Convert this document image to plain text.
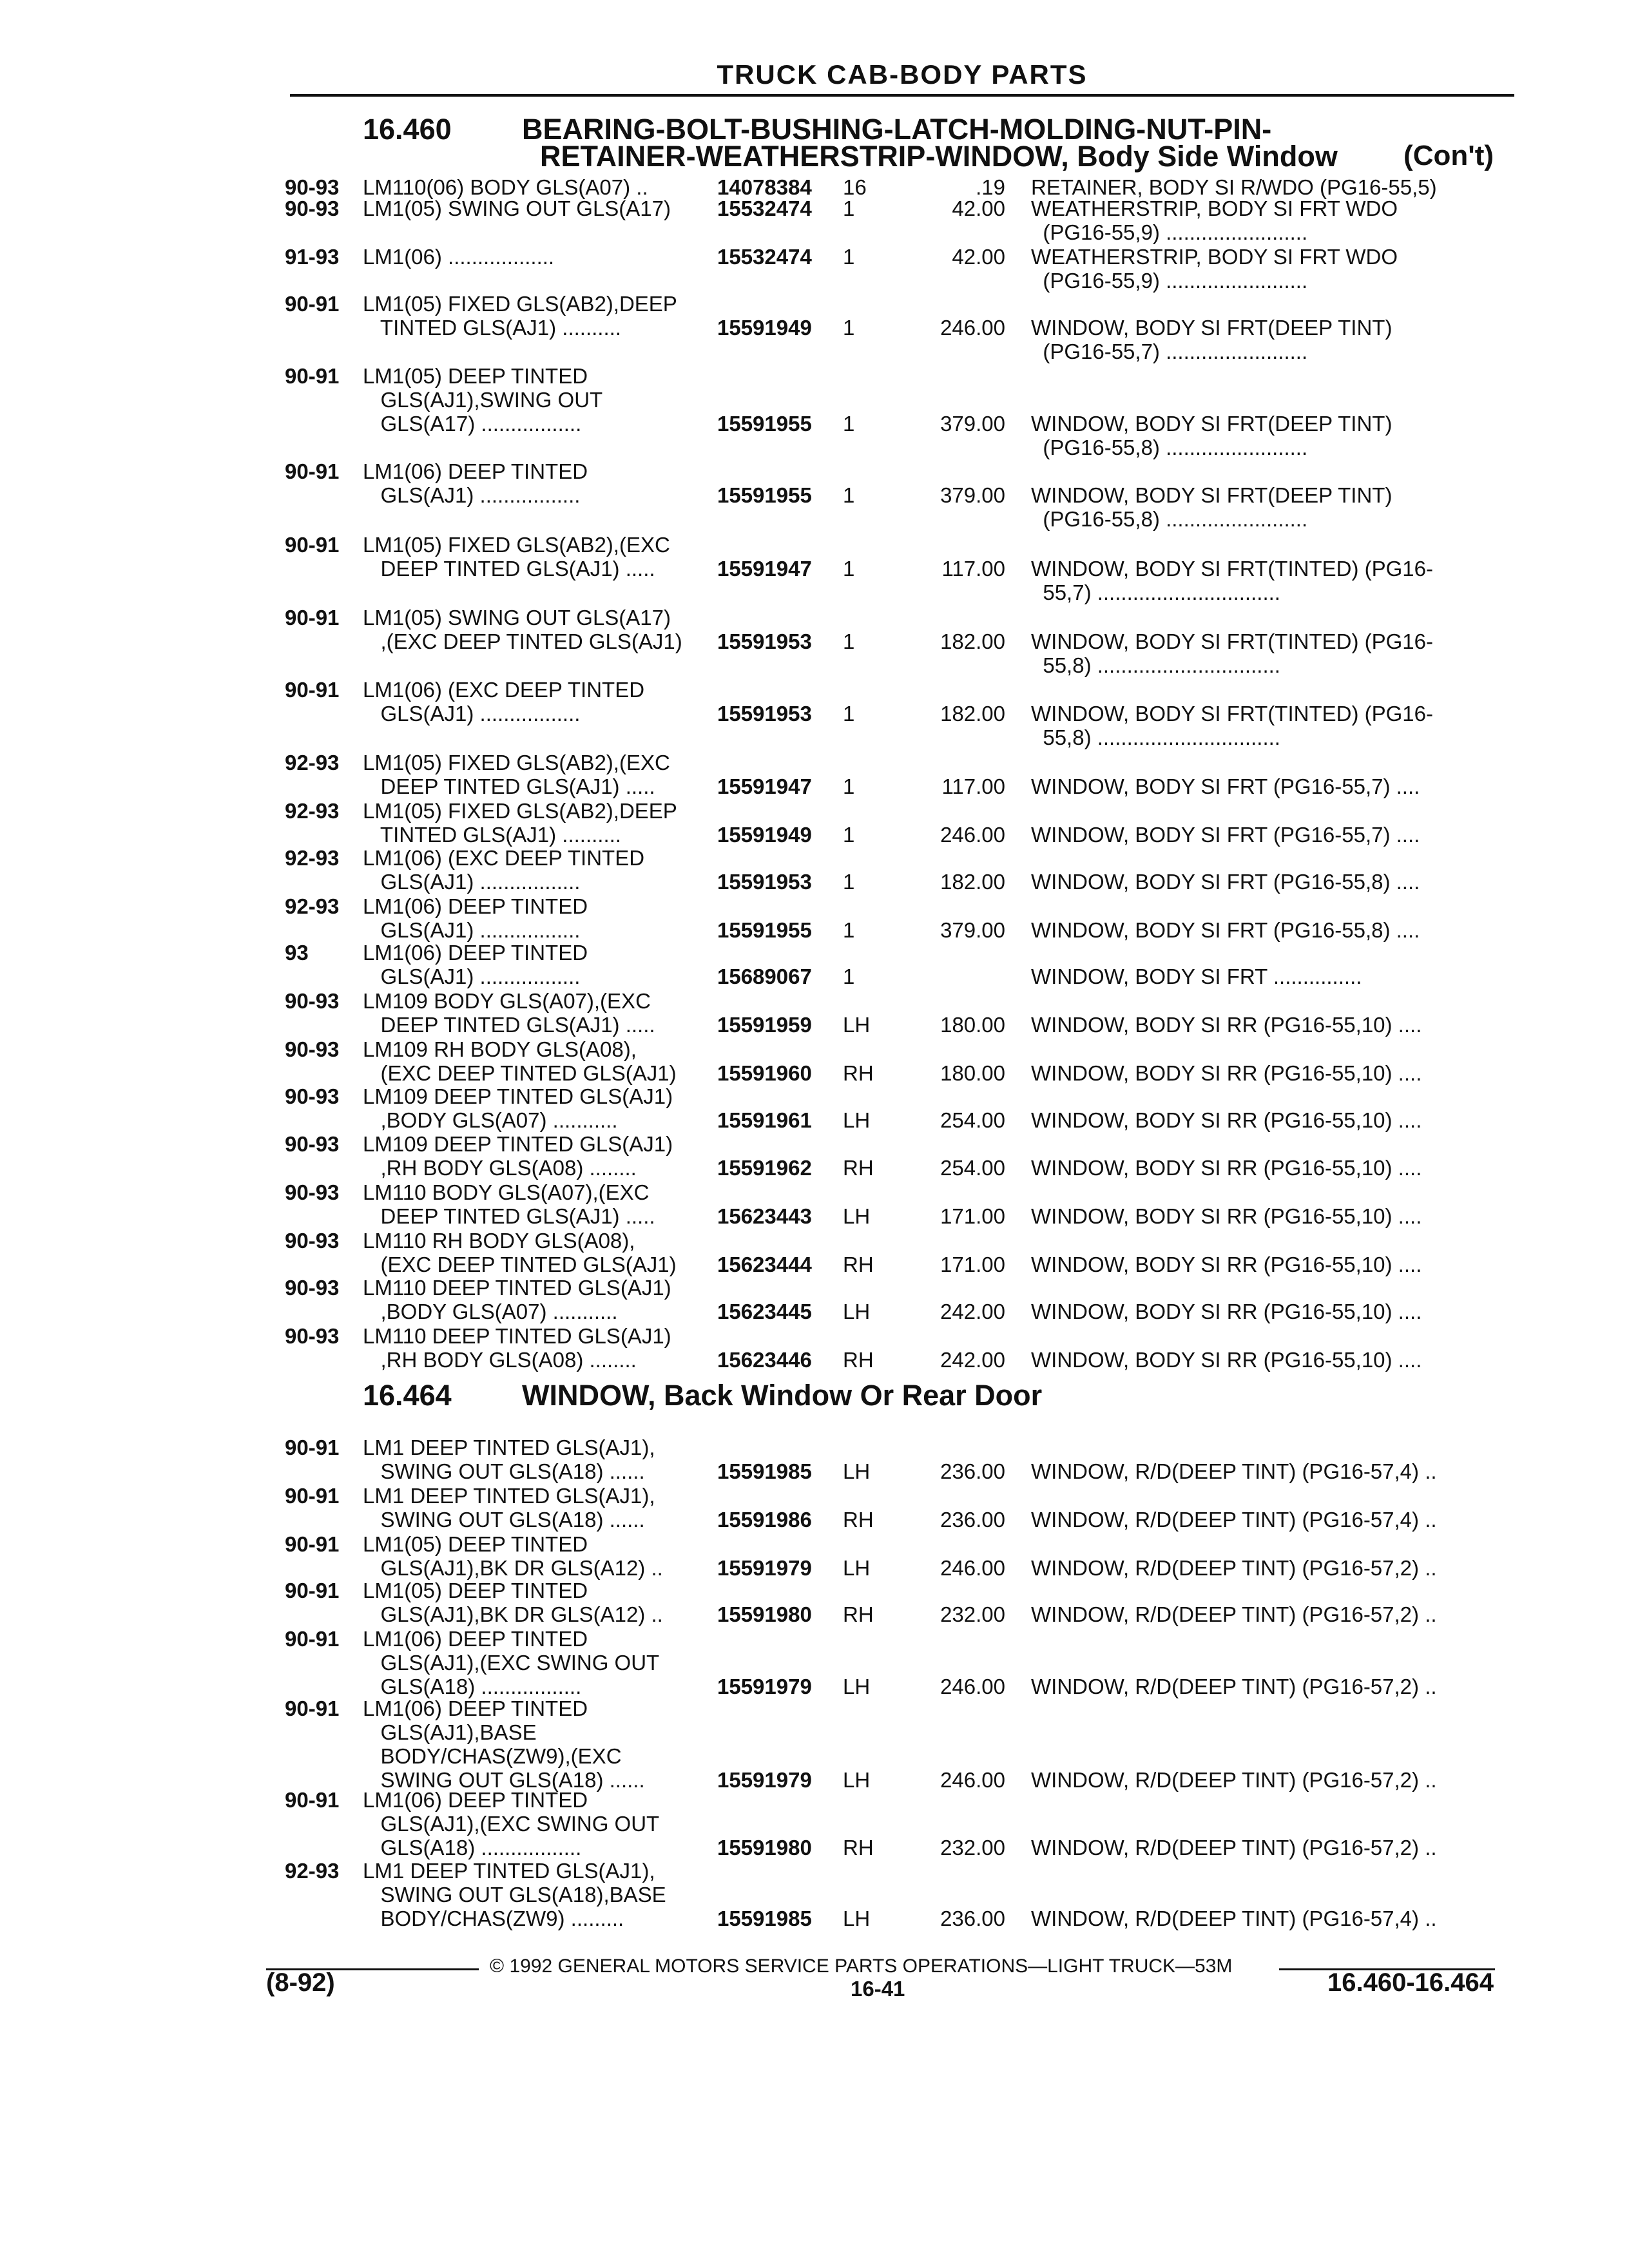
TRUCK CAB-BODY PARTS
16.460 BEARING-BOLT-BUSHING-LATCH-MOLDING-NUT-PIN-
RETAINER-WEATHERSTRIP-WINDOW, Body Side Window (Con't)
90-93 LM110(06) BODY GLS(A07) ..	14078384 16	.19 RETAINER, BODY SI R/WDO (PG16-55,5)
90-93 LM1(05) SWING OUT GLS(A17) 15532474 1	42.00 WEATHERSTRIP, BODY SI FRT WDO
(PG16-55,9) ........................
91-93 LM1(06) ..................	15532474 1	42.00 WEATHERSTRIP, BODY SI FRT WDO
(PG16-55,9) ........................
90-91 LM1(05) FIXED GLS(AB2),DEEP
TINTED GLS(AJ1) ..........	15591949 1	246.00 WINDOW, BODY SI FRT(DEEP TINT)
(PG16-55,7) ........................
90-91 LM1(05) DEEP TINTED
GLS(AJ1),SWING OUT
GLS(A17) .................	15591955 1	379.00 WINDOW, BODY SI FRT(DEEP TINT)
(PG16-55,8) ........................
90-91 LM1(06) DEEP TINTED
GLS(AJ1) .................	15591955 1	379.00 WINDOW, BODY SI FRT(DEEP TINT)
(PG16-55,8) ........................
90-91 LM1(05) FIXED GLS(AB2),(EXC
DEEP TINTED GLS(AJ1) .....	15591947 1	117.00 WINDOW, BODY SI FRT(TINTED) (PG16-
55,7) ...............................
90-91 LM1(05) SWING OUT GLS(A17)
,(EXC DEEP TINTED GLS(AJ1) 15591953 1	182.00 WINDOW, BODY SI FRT(TINTED) (PG16-
55,8) ...............................
90-91 LM1(06) (EXC DEEP TINTED
GLS(AJ1) .................	15591953 1	182.00 WINDOW, BODY SI FRT(TINTED) (PG16-
55,8) ...............................
92-93 LM1(05) FIXED GLS(AB2),(EXC
DEEP TINTED GLS(AJ1) .....	15591947 1	117.00 WINDOW, BODY SI FRT (PG16-55,7) ....
92-93 LM1(05) FIXED GLS(AB2),DEEP
TINTED GLS(AJ1) ..........	15591949 1	246.00 WINDOW, BODY SI FRT (PG16-55,7) ....
92-93 LM1(06) (EXC DEEP TINTED
GLS(AJ1) .................	15591953 1	182.00 WINDOW, BODY SI FRT (PG16-55,8) ....
92-93 LM1(06) DEEP TINTED
GLS(AJ1) .................	15591955 1	379.00 WINDOW, BODY SI FRT (PG16-55,8) ....
93	LM1(06) DEEP TINTED
GLS(AJ1) .................	15689067 1	WINDOW, BODY SI FRT ...............
90-93 LM109 BODY GLS(A07),(EXC
DEEP TINTED GLS(AJ1) .....	15591959 LH	180.00 WINDOW, BODY SI RR (PG16-55,10) ....
90-93 LM109 RH BODY GLS(A08),
(EXC DEEP TINTED GLS(AJ1) 15591960 RH	180.00 WINDOW, BODY SI RR (PG16-55,10) ....
90-93 LM109 DEEP TINTED GLS(AJ1)
,BODY GLS(A07) ...........	15591961 LH	254.00 WINDOW, BODY SI RR (PG16-55,10) ....
90-93 LM109 DEEP TINTED GLS(AJ1)
,RH BODY GLS(A08) ........	15591962 RH	254.00 WINDOW, BODY SI RR (PG16-55,10) ....
90-93 LM110 BODY GLS(A07),(EXC
DEEP TINTED GLS(AJ1) .....	15623443 LH	171.00 WINDOW, BODY SI RR (PG16-55,10) ....
90-93 LM110 RH BODY GLS(A08),
(EXC DEEP TINTED GLS(AJ1) 15623444 RH	171.00 WINDOW, BODY SI RR (PG16-55,10) ....
90-93 LM110 DEEP TINTED GLS(AJ1)
,BODY GLS(A07) ...........	15623445 LH	242.00 WINDOW, BODY SI RR (PG16-55,10) ....
90-93 LM110 DEEP TINTED GLS(AJ1)
,RH BODY GLS(A08) ........	15623446 RH	242.00 WINDOW, BODY SI RR (PG16-55,10) ....
16.464 WINDOW, Back Window Or Rear Door
90-91 LM1 DEEP TINTED GLS(AJ1),
SWING OUT GLS(A18) ......	15591985 LH	236.00 WINDOW, R/D(DEEP TINT) (PG16-57,4) ..
90-91 LM1 DEEP TINTED GLS(AJ1),
SWING OUT GLS(A18) ......	15591986 RH	236.00 WINDOW, R/D(DEEP TINT) (PG16-57,4) ..
90-91 LM1(05) DEEP TINTED
GLS(AJ1),BK DR GLS(A12) ..	15591979 LH	246.00 WINDOW, R/D(DEEP TINT) (PG16-57,2) ..
90-91 LM1(05) DEEP TINTED
GLS(AJ1),BK DR GLS(A12) ..	15591980 RH	232.00 WINDOW, R/D(DEEP TINT) (PG16-57,2) ..
90-91 LM1(06) DEEP TINTED
GLS(AJ1),(EXC SWING OUT
GLS(A18) .................	15591979 LH	246.00 WINDOW, R/D(DEEP TINT) (PG16-57,2) ..
90-91 LM1(06) DEEP TINTED
GLS(AJ1),BASE
BODY/CHAS(ZW9),(EXC
SWING OUT GLS(A18) ......	15591979 LH	246.00 WINDOW, R/D(DEEP TINT) (PG16-57,2) ..
90-91 LM1(06) DEEP TINTED
GLS(AJ1),(EXC SWING OUT
GLS(A18) .................	15591980 RH	232.00 WINDOW, R/D(DEEP TINT) (PG16-57,2) ..
92-93 LM1 DEEP TINTED GLS(AJ1),
SWING OUT GLS(A18),BASE
BODY/CHAS(ZW9) .........	15591985 LH	236.00 WINDOW, R/D(DEEP TINT) (PG16-57,4) ..
© 1992 GENERAL MOTORS SERVICE PARTS OPERATIONS—LIGHT TRUCK—53M
(8-92)	16-41	16.460-16.464
